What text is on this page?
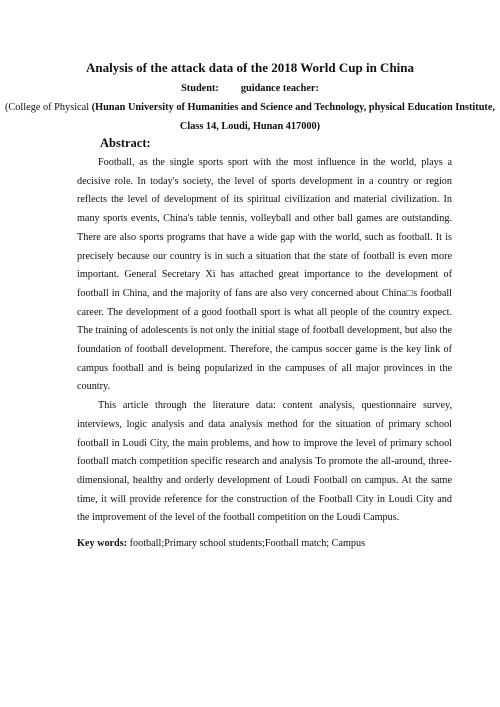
Analysis of the attack data of the 2018 World Cup in China
Student: guidance teacher:
(College of Physical (Hunan University of Humanities and Science and Technology, physical Education Institute, Class 14, Loudi, Hunan 417000)
Abstract:

Football, as the single sports sport with the most influence in the world, plays a decisive role. In today's society, the level of sports development in a country or region reflects the level of development of its spiritual civilization and material civilization. In many sports events, China's table tennis, volleyball and other ball games are outstanding. There are also sports programs that have a wide gap with the world, such as football. It is precisely because our country is in such a situation that the state of football is even more important. General Secretary Xi has attached great importance to the development of football in China, and the majority of fans are also very concerned about China□s football career. The development of a good football sport is what all people of the country expect. The training of adolescents is not only the initial stage of football development, but also the foundation of football development. Therefore, the campus soccer game is the key link of campus football and is being popularized in the campuses of all major provinces in the country.

This article through the literature data: content analysis, questionnaire survey, interviews, logic analysis and data analysis method for the situation of primary school football in Loudi City, the main problems, and how to improve the level of primary school football match competition specific research and analysis To promote the all-around, three-dimensional, healthy and orderly development of Loudi Football on campus. At the same time, it will provide reference for the construction of the Football City in Loudi City and the improvement of the level of the football competition on the Loudi Campus.

Key words: football;Primary school students;Football match; Campus
